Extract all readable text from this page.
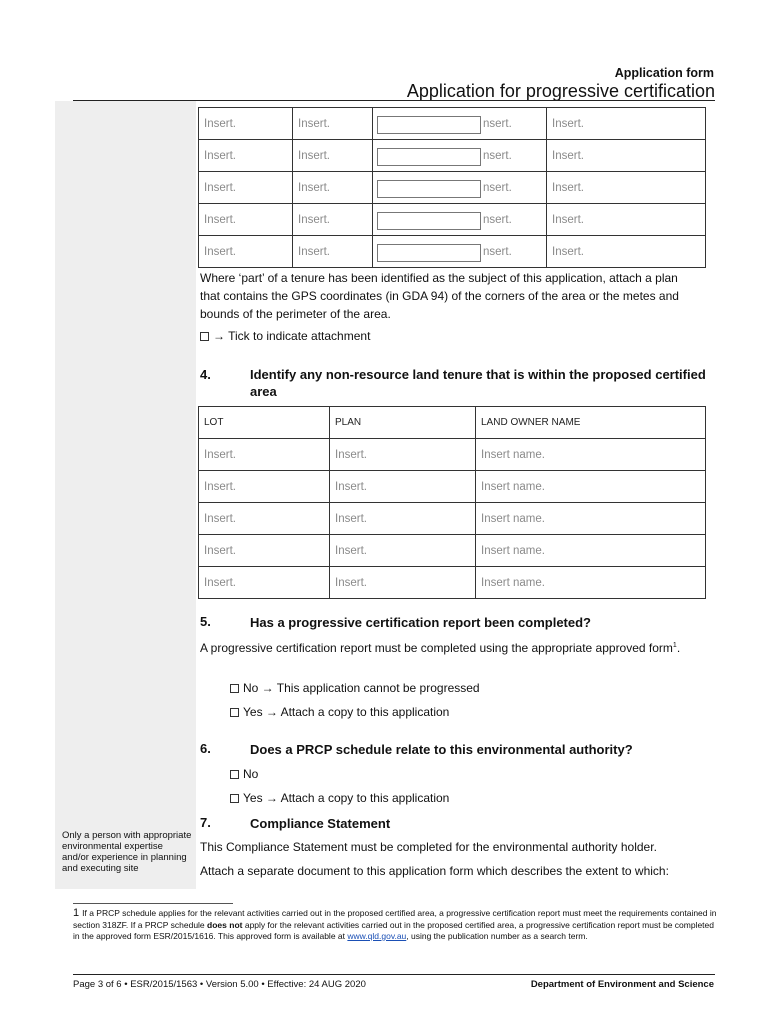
Application form
Application for progressive certification
Insert.	Insert.	nsert.	Insert.
Insert.	Insert.	nsert.	Insert.
Insert.	Insert.	nsert.	Insert.
Insert.	Insert.	nsert.	Insert.
Insert.	Insert.	nsert.	Insert.
Where ‘part’ of a tenure has been identified as the subject of this application, attach a plan that contains the GPS coordinates (in GDA 94) of the corners of the area or the metes and bounds of the perimeter of the area.
→ Tick to indicate attachment
4.	Identify any non-resource land tenure that is within the proposed certified area
LOT	PLAN	LAND OWNER NAME
Insert.	Insert.	Insert name.
Insert.	Insert.	Insert name.
Insert.	Insert.	Insert name.
Insert.	Insert.	Insert name.
Insert.	Insert.	Insert name.
5.	Has a progressive certification report been completed?
A progressive certification report must be completed using the appropriate approved form$^1$.
No → This application cannot be progressed
Yes → Attach a copy to this application
6.	Does a PRCP schedule relate to this environmental authority?
No
Yes → Attach a copy to this application
7.	Compliance Statement
This Compliance Statement must be completed for the environmental authority holder.
Attach a separate document to this application form which describes the extent to which:
Only a person with appropriate environmental expertise and/or experience in planning and executing site
1 If a PRCP schedule applies for the relevant activities carried out in the proposed certified area, a progressive certification report must meet the requirements contained in section 318ZF. If a PRCP schedule does not apply for the relevant activities carried out in the proposed certified area, a progressive certification report must be completed in the approved form ESR/2015/1616. This approved form is available at www.qld.gov.au, using the publication number as a search term.
Page 3 of 6 • ESR/2015/1563 • Version 5.00 • Effective: 24 AUG 2020	Department of Environment and Science
